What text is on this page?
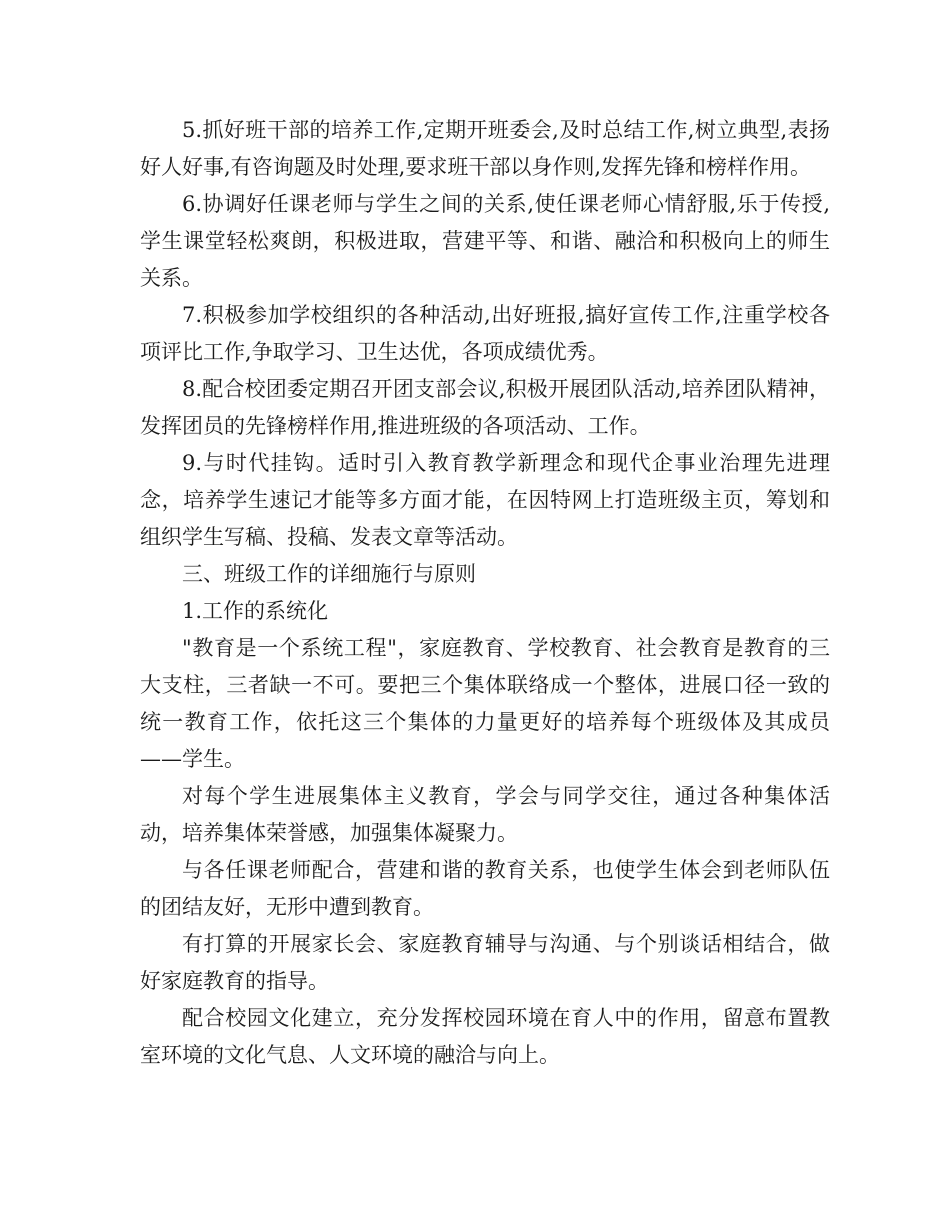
5.抓好班干部的培养工作,定期开班委会,及时总结工作,树立典型,表扬好人好事,有咨询题及时处理,要求班干部以身作则,发挥先锋和榜样作用。

6.协调好任课老师与学生之间的关系,使任课老师心情舒服,乐于传授,学生课堂轻松爽朗，积极进取，营建平等、和谐、融洽和积极向上的师生关系。

7.积极参加学校组织的各种活动,出好班报,搞好宣传工作,注重学校各项评比工作,争取学习、卫生达优，各项成绩优秀。

8.配合校团委定期召开团支部会议,积极开展团队活动,培养团队精神，发挥团员的先锋榜样作用,推进班级的各项活动、工作。

9.与时代挂钩。适时引入教育教学新理念和现代企事业治理先进理念，培养学生速记才能等多方面才能，在因特网上打造班级主页，筹划和组织学生写稿、投稿、发表文章等活动。

三、班级工作的详细施行与原则

1.工作的系统化

"教育是一个系统工程"，家庭教育、学校教育、社会教育是教育的三大支柱，三者缺一不可。要把三个集体联络成一个整体，进展口径一致的统一教育工作，依托这三个集体的力量更好的培养每个班级体及其成员——学生。

对每个学生进展集体主义教育，学会与同学交往，通过各种集体活动，培养集体荣誉感，加强集体凝聚力。

与各任课老师配合，营建和谐的教育关系，也使学生体会到老师队伍的团结友好，无形中遭到教育。

有打算的开展家长会、家庭教育辅导与沟通、与个别谈话相结合，做好家庭教育的指导。

配合校园文化建立，充分发挥校园环境在育人中的作用，留意布置教室环境的文化气息、人文环境的融洽与向上。
